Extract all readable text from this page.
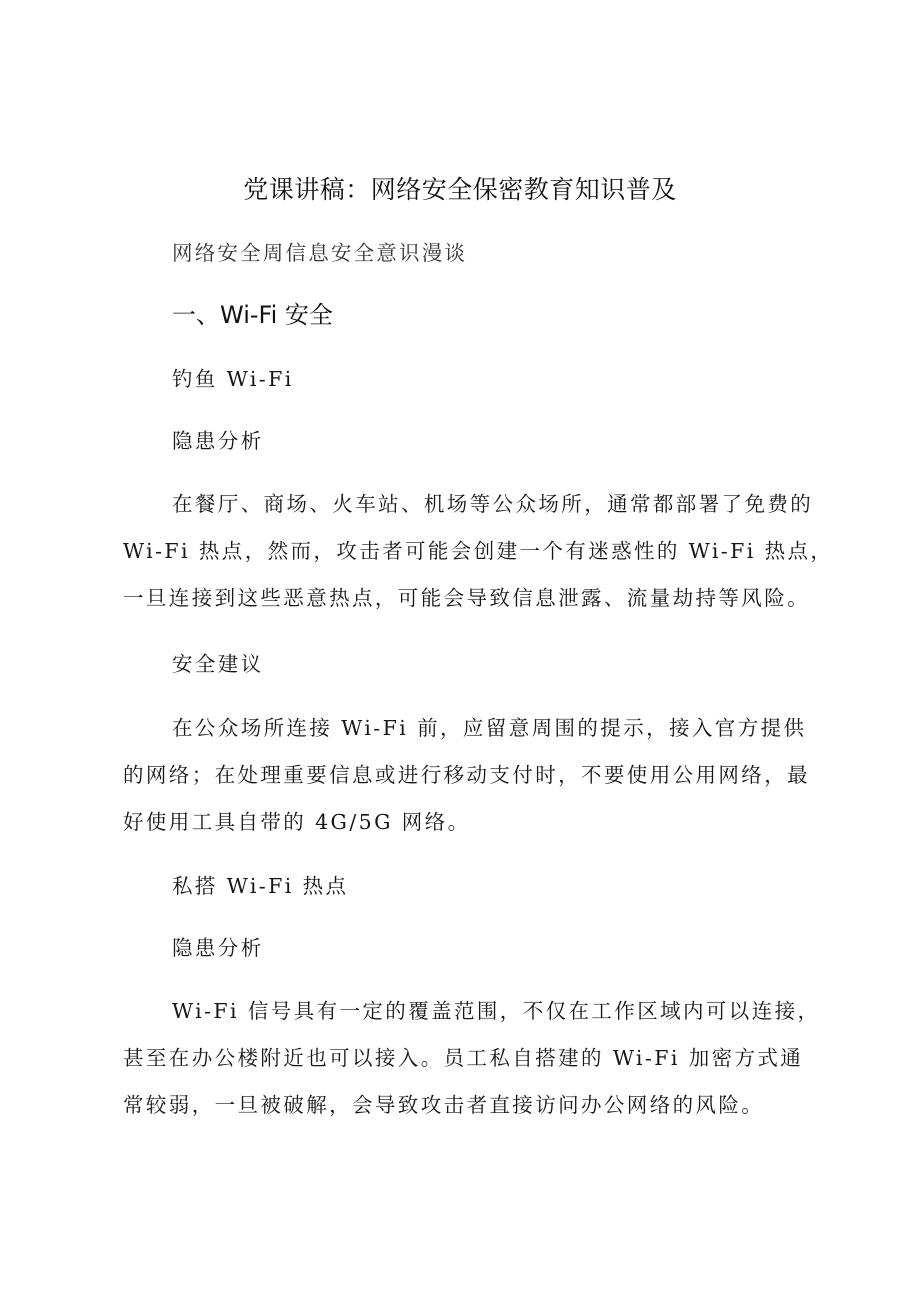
党课讲稿：网络安全保密教育知识普及
网络安全周信息安全意识漫谈
一、Wi-Fi 安全
钓鱼 Wi-Fi
隐患分析
在餐厅、商场、火车站、机场等公众场所，通常都部署了免费的
Wi-Fi 热点，然而，攻击者可能会创建一个有迷惑性的 Wi-Fi 热点，
一旦连接到这些恶意热点，可能会导致信息泄露、流量劫持等风险。
安全建议
在公众场所连接 Wi-Fi 前，应留意周围的提示，接入官方提供
的网络；在处理重要信息或进行移动支付时，不要使用公用网络，最
好使用工具自带的 4G/5G 网络。
私搭 Wi-Fi 热点
隐患分析
Wi-Fi 信号具有一定的覆盖范围，不仅在工作区域内可以连接，
甚至在办公楼附近也可以接入。员工私自搭建的 Wi-Fi 加密方式通
常较弱，一旦被破解，会导致攻击者直接访问办公网络的风险。
